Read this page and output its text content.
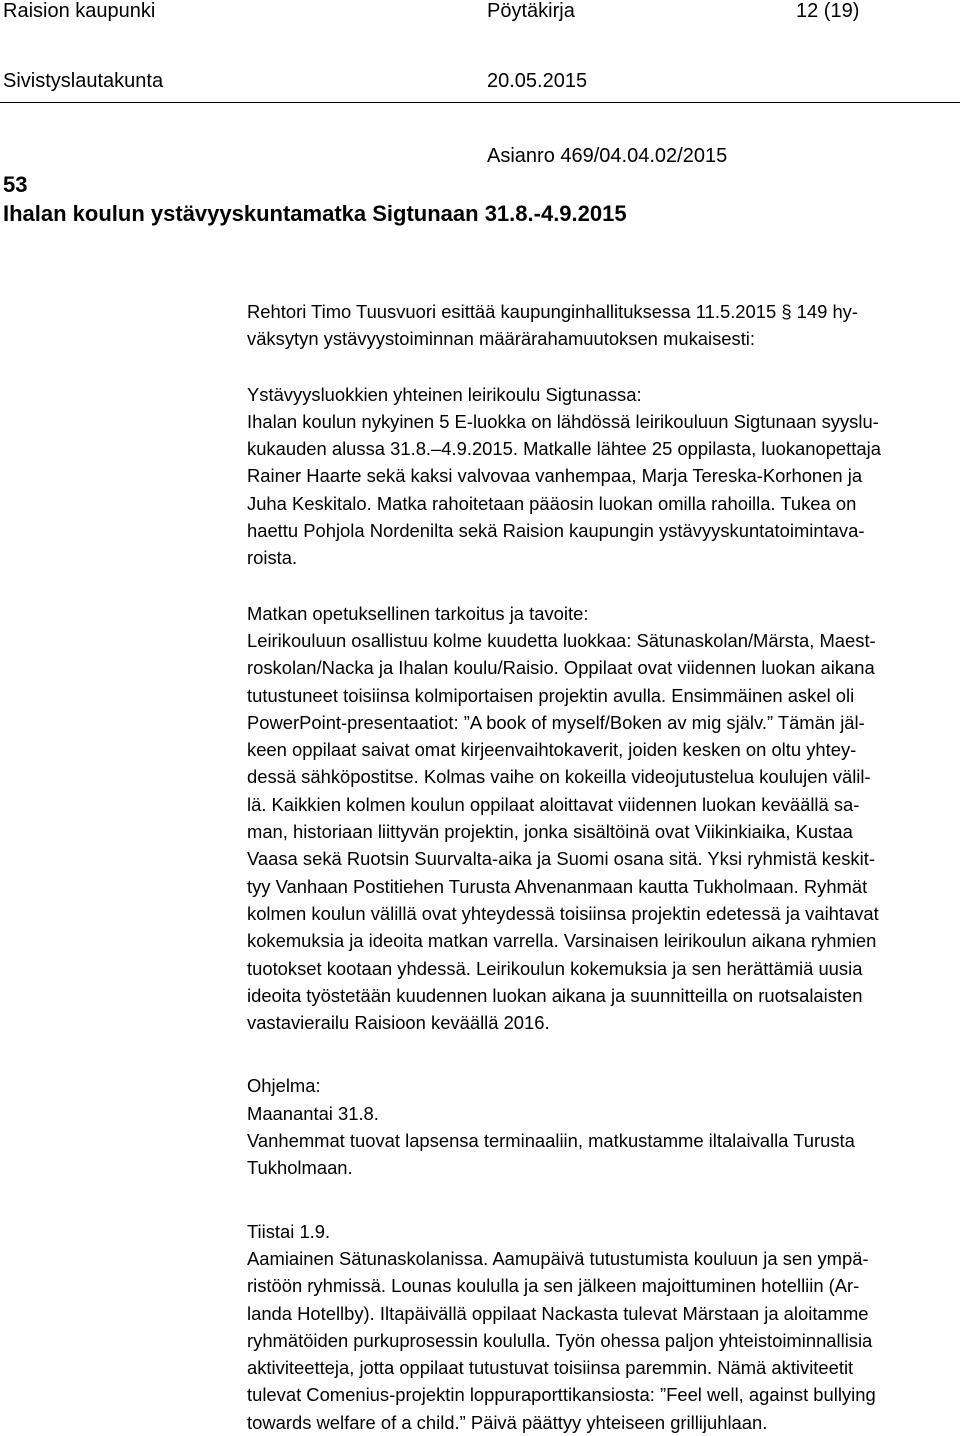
Raision kaupunki	Pöytäkirja	12 (19)
Sivistyslautakunta	20.05.2015
Asianro 469/04.04.02/2015
53
Ihalan koulun ystävyyskuntamatka Sigtunaan 31.8.-4.9.2015
Rehtori Timo Tuusvuori esittää kaupunginhallituksessa 11.5.2015 § 149 hy-
väksytyn ystävyystoiminnan määrärahamuutoksen mukaisesti:
Ystävyysluokkien yhteinen leirikoulu Sigtunassa:
Ihalan koulun nykyinen 5 E-luokka on lähdössä leirikouluun Sigtunaan syyslu-
kukauden alussa 31.8.–4.9.2015. Matkalle lähtee 25 oppilasta, luokanopettaja
Rainer Haarte sekä kaksi valvovaa vanhempaa, Marja Tereska-Korhonen ja
Juha Keskitalo. Matka rahoitetaan pääosin luokan omilla rahoilla. Tukea on
haettu Pohjola Nordenilta sekä Raision kaupungin ystävyyskuntatoimintava-
roista.
Matkan opetuksellinen tarkoitus ja tavoite:
Leirikouluun osallistuu kolme kuudetta luokkaa: Sätunaskolan/Märsta, Maest-
roskolan/Nacka ja Ihalan koulu/Raisio. Oppilaat ovat viidennen luokan aikana
tutustuneet toisiinsa kolmiportaisen projektin avulla. Ensimmäinen askel oli
PowerPoint-presentaatiot: ”A book of myself/Boken av mig själv.” Tämän jäl-
keen oppilaat saivat omat kirjeenvaihtokaverit, joiden kesken on oltu yhtey-
dessä sähköpostitse. Kolmas vaihe on kokeilla videojutustelua koulujen välil-
lä. Kaikkien kolmen koulun oppilaat aloittavat viidennen luokan keväällä sa-
man, historiaan liittyvän projektin, jonka sisältöinä ovat Viikinkiaika, Kustaa
Vaasa sekä Ruotsin Suurvalta-aika ja Suomi osana sitä. Yksi ryhmistä keskit-
tyy Vanhaan Postitiehen Turusta Ahvenanmaan kautta Tukholmaan. Ryhmät
kolmen koulun välillä ovat yhteydessä toisiinsa projektin edetessä ja vaihtavat
kokemuksia ja ideoita matkan varrella. Varsinaisen leirikoulun aikana ryhmien
tuotokset kootaan yhdessä. Leirikoulun kokemuksia ja sen herättämiä uusia
ideoita työstetään kuudennen luokan aikana ja suunnitteilla on ruotsalaisten
vastavierailu Raisioon keväällä 2016.
Ohjelma:
Maanantai 31.8.
Vanhemmat tuovat lapsensa terminaaliin, matkustamme iltalaivalla Turusta
Tukholmaan.
Tiistai 1.9.
Aamiainen Sätunaskolanissa. Aamupäivä tutustumista kouluun ja sen ympä-
ristöön ryhmissä. Lounas koululla ja sen jälkeen majoittuminen hotelliin (Ar-
landa Hotellby). Iltapäivällä oppilaat Nackasta tulevat Märstaan ja aloitamme
ryhmätöiden purkuprosessin koululla. Työn ohessa paljon yhteistoiminnallisia
aktiviteetteja, jotta oppilaat tutustuvat toisiinsa paremmin. Nämä aktiviteetit
tulevat Comenius-projektin loppuraporttikansiosta: ”Feel well, against bullying
towards welfare of a child.” Päivä päättyy yhteiseen grillijuhlaan.
